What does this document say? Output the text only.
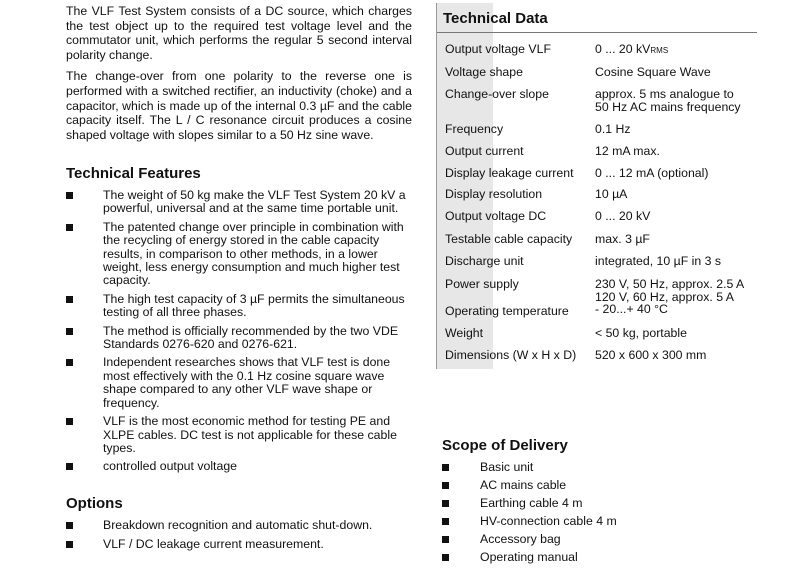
The VLF Test System consists of a DC source, which charges the test object up to the required test voltage level and the commutator unit, which performs the regular 5 second interval polarity change.

The change-over from one polarity to the reverse one is performed with a switched rectifier, an inductivity (choke) and a capacitor, which is made up of the internal 0.3 µF and the cable capacity itself. The L / C resonance circuit produces a cosine shaped voltage with slopes similar to a 50 Hz sine wave.

Technical Features
The weight of 50 kg make the VLF Test System 20 kV a powerful, universal and at the same time portable unit.
The patented change over principle in combination with the recycling of energy stored in the cable capacity results, in comparison to other methods, in a lower weight, less energy consumption and much higher test capacity.
The high test capacity of 3 µF permits the simultaneous testing of all three phases.
The method is officially recommended by the two VDE Standards 0276-620 and 0276-621.
Independent researches shows that VLF test is done most effectively with the 0.1 Hz cosine square wave shape compared to any other VLF wave shape or frequency.
VLF is the most economic method for testing PE and XLPE cables. DC test is not applicable for these cable types.
controlled output voltage
Options
Breakdown recognition and automatic shut-down.
VLF / DC leakage current measurement.
Technical Data
Output voltage VLF	0 ... 20 kVRMS
Voltage shape	Cosine Square Wave
Change-over slope	approx. 5 ms analogue to
50 Hz AC mains frequency
Frequency	0.1 Hz
Output current	12 mA max.
Display leakage current	0 ... 12 mA (optional)
Display resolution	10 µA
Output voltage DC	0 ... 20 kV
Testable cable capacity	max. 3 µF
Discharge unit	integrated, 10 µF in 3 s
Power supply	230 V, 50 Hz, approx. 2.5 A
120 V, 60 Hz, approx. 5 A
Operating temperature	- 20...+ 40 °C
Weight	< 50 kg, portable
Dimensions (W x H x D)	520 x 600 x 300 mm
Scope of Delivery
Basic unit
AC mains cable
Earthing cable 4 m
HV-connection cable 4 m
Accessory bag
Operating manual
